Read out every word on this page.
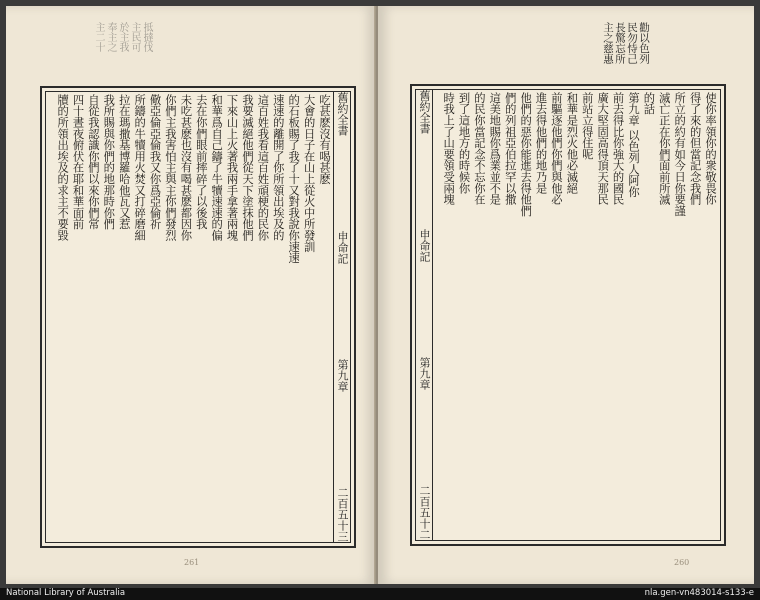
抵撻伐
主民可
於主我
奉主之
主二十
舊約全書
申命記
第九章
二百五十三
吃甚麽沒有喝甚麽
大會的日子在山上從火中所發訓
的石板賜了我了十又對我說你速速
速速的離開了你所領出埃及的
這百姓我看這百姓頑梗的民你
我要滅絕他們從天下塗抹他們
下來山上火著我兩手拿著兩塊
和華爲自己鑄了牛犢速速的偏
去在你們眼前摔碎了以後我
未吃甚麽也沒有喝甚麽都因你
你們主我害怕主與主你們發烈
儆亞倫亞倫我又你爲亞倫祈
所鑄的牛犢用火焚又打碎磨細
拉在瑪撒基博羅哈他瓦又惹
我所賜與你們的地那時你們
自從我認識你們以來你們常
四十晝夜俯伏在耶和華面前
牘的所領出埃及的求主不要毀
261
勸以色列
民勿恃己
長驚忘所
主之慈惠
舊約全書
申命記
第九章
二百五十二
使你率領你的衆敬畏你
得了來的但當記念我們
所立的約有如今日你要謹
滅亡正在你們面前所滅
的話
第九章 以色列人阿你
前去得比你強大的國民
廣大堅固高得頂天那民
前站立得住呢
和華是烈火他必滅絕
前驅逐他們你們與他必
進去得他們的地乃是
他們的惡你能進去得他們
們的列祖亞伯拉罕以撒
這美地賜你爲業並不是
的民你當記念不忘你在
到了這地方的時候你
時我上了山要領受兩塊
260
National Library of Australia	nla.gen-vn483014-s133-e
